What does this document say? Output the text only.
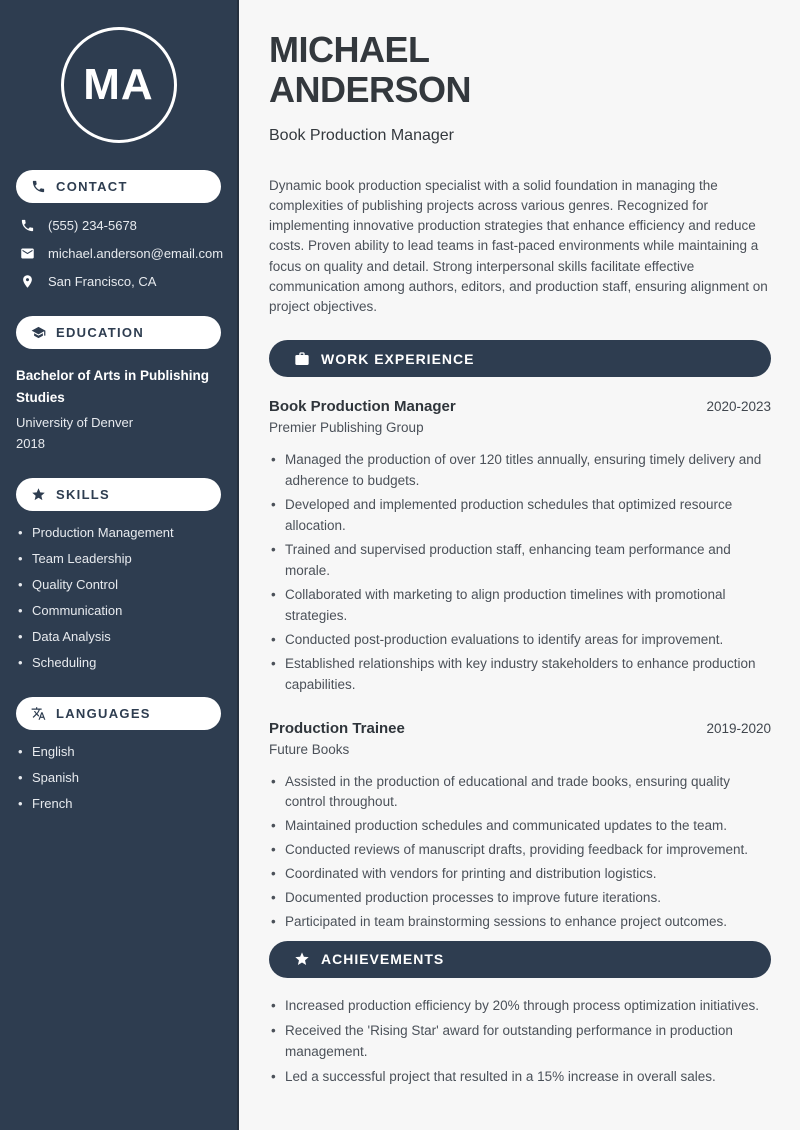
MA
CONTACT
(555) 234-5678
michael.anderson@email.com
San Francisco, CA
EDUCATION
Bachelor of Arts in Publishing Studies
University of Denver
2018
SKILLS
• Production Management
• Team Leadership
• Quality Control
• Communication
• Data Analysis
• Scheduling
LANGUAGES
• English
• Spanish
• French
MICHAEL
ANDERSON
Book Production Manager

Dynamic book production specialist with a solid foundation in managing the complexities of publishing projects across various genres. Recognized for implementing innovative production strategies that enhance efficiency and reduce costs. Proven ability to lead teams in fast-paced environments while maintaining a focus on quality and detail. Strong interpersonal skills facilitate effective communication among authors, editors, and production staff, ensuring alignment on project objectives.

WORK EXPERIENCE
Book Production Manager	2020-2023
Premier Publishing Group
• Managed the production of over 120 titles annually, ensuring timely delivery and adherence to budgets.
• Developed and implemented production schedules that optimized resource allocation.
• Trained and supervised production staff, enhancing team performance and morale.
• Collaborated with marketing to align production timelines with promotional strategies.
• Conducted post-production evaluations to identify areas for improvement.
• Established relationships with key industry stakeholders to enhance production capabilities.
Production Trainee	2019-2020
Future Books
• Assisted in the production of educational and trade books, ensuring quality control throughout.
• Maintained production schedules and communicated updates to the team.
• Conducted reviews of manuscript drafts, providing feedback for improvement.
• Coordinated with vendors for printing and distribution logistics.
• Documented production processes to improve future iterations.
• Participated in team brainstorming sessions to enhance project outcomes.
ACHIEVEMENTS
• Increased production efficiency by 20% through process optimization initiatives.
• Received the 'Rising Star' award for outstanding performance in production management.
• Led a successful project that resulted in a 15% increase in overall sales.
